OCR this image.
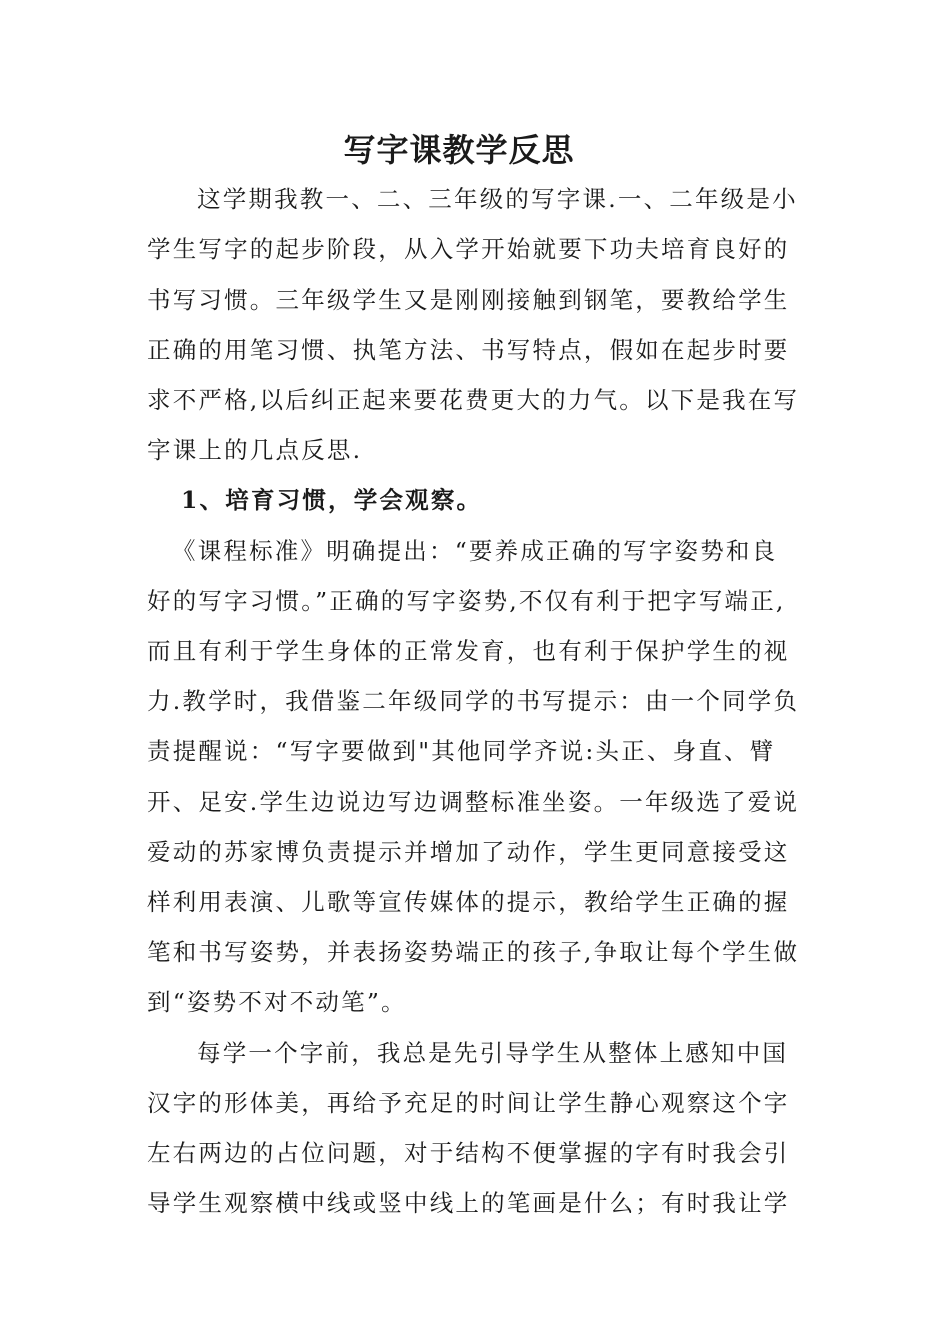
写字课教学反思
这学期我教一、二、三年级的写字课.一、二年级是小
学生写字的起步阶段，从入学开始就要下功夫培育良好的
书写习惯。三年级学生又是刚刚接触到钢笔，要教给学生
正确的用笔习惯、执笔方法、书写特点，假如在起步时要
求不严格,以后纠正起来要花费更大的力气。以下是我在写
字课上的几点反思.
1、培育习惯，学会观察。
《课程标准》明确提出：“要养成正确的写字姿势和良
好的写字习惯。”正确的写字姿势,不仅有利于把字写端正,
而且有利于学生身体的正常发育，也有利于保护学生的视
力.教学时，我借鉴二年级同学的书写提示：由一个同学负
责提醒说：“写字要做到"其他同学齐说:头正、身直、臂
开、足安.学生边说边写边调整标准坐姿。一年级选了爱说
爱动的苏家博负责提示并增加了动作，学生更同意接受这
样利用表演、儿歌等宣传媒体的提示，教给学生正确的握
笔和书写姿势，并表扬姿势端正的孩子,争取让每个学生做
到“姿势不对不动笔”。
每学一个字前，我总是先引导学生从整体上感知中国
汉字的形体美，再给予充足的时间让学生静心观察这个字
左右两边的占位问题，对于结构不便掌握的字有时我会引
导学生观察横中线或竖中线上的笔画是什么；有时我让学
